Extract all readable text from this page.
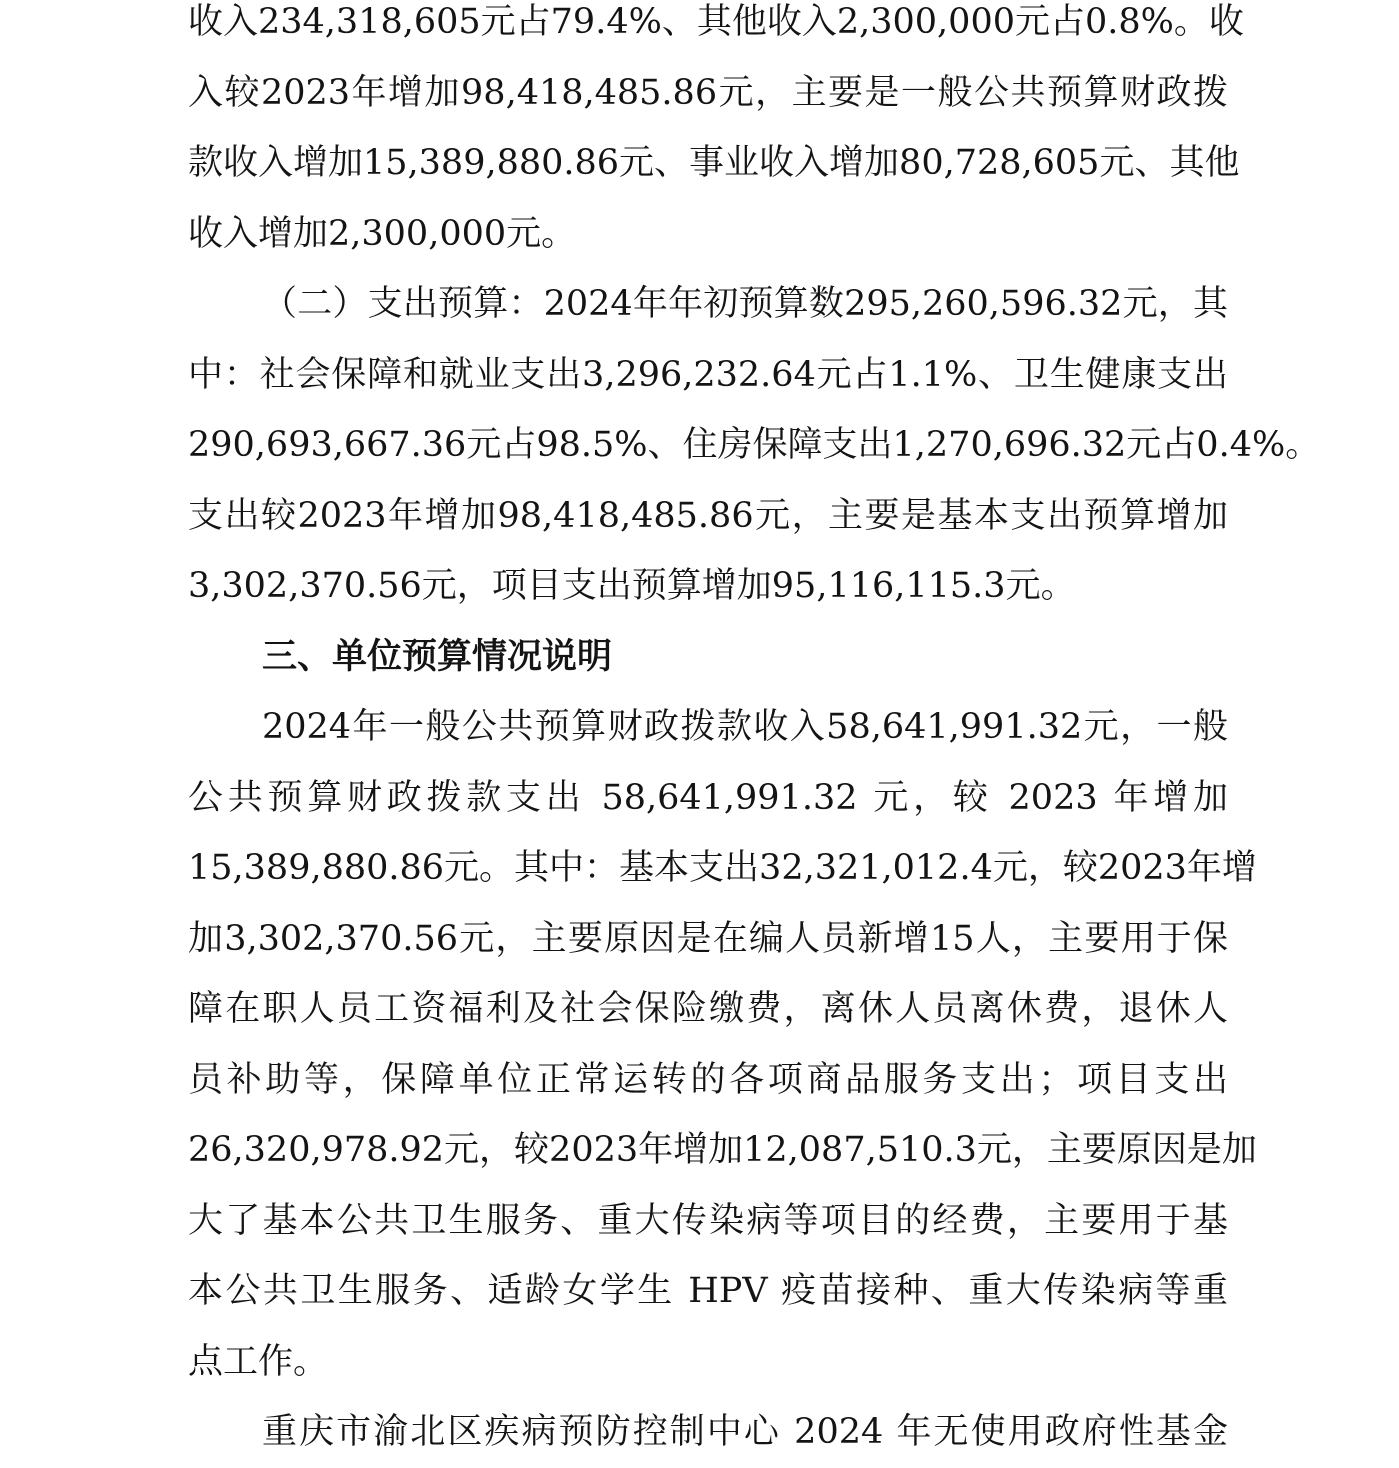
收入234,318,605元占79.4%、其他收入2,300,000元占0.8%。收
入较2023年增加98,418,485.86元，主要是一般公共预算财政拨
款收入增加15,389,880.86元、事业收入增加80,728,605元、其他
收入增加2,300,000元。
（二）支出预算：2024年年初预算数295,260,596.32元，其
中：社会保障和就业支出3,296,232.64元占1.1%、卫生健康支出
290,693,667.36元占98.5%、住房保障支出1,270,696.32元占0.4%。
支出较2023年增加98,418,485.86元，主要是基本支出预算增加
3,302,370.56元，项目支出预算增加95,116,115.3元。
三、单位预算情况说明
2024年一般公共预算财政拨款收入58,641,991.32元，一般
公共预算财政拨款支出 58,641,991.32 元，较 2023 年增加
15,389,880.86元。其中：基本支出32,321,012.4元，较2023年增
加3,302,370.56元，主要原因是在编人员新增15人，主要用于保
障在职人员工资福利及社会保险缴费，离休人员离休费，退休人
员补助等，保障单位正常运转的各项商品服务支出；项目支出
26,320,978.92元，较2023年增加12,087,510.3元，主要原因是加
大了基本公共卫生服务、重大传染病等项目的经费，主要用于基
本公共卫生服务、适龄女学生 HPV 疫苗接种、重大传染病等重
点工作。
重庆市渝北区疾病预防控制中心 2024 年无使用政府性基金
